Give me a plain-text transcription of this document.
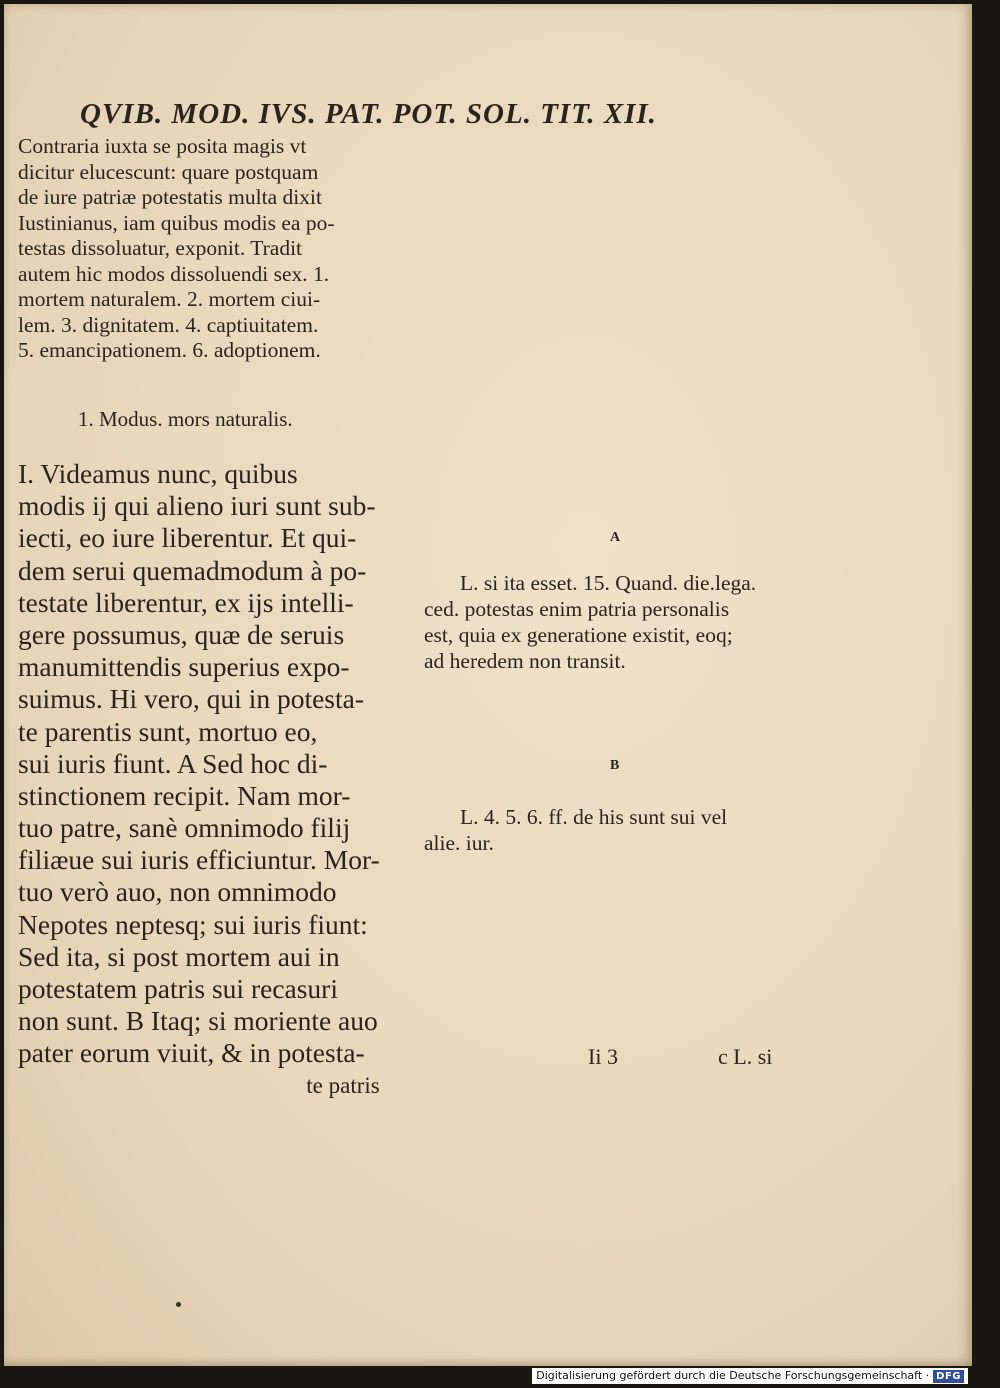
QVIB. MOD. IVS. PAT. POT. SOL. TIT. XII.
Contraria iuxta se posita magis vt
dicitur elucescunt: quare postquam
de iure patriæ potestatis multa dixit
Iustinianus, iam quibus modis ea po-
testas dissoluatur, exponit. Tradit
autem hic modos dissoluendi sex. 1.
mortem naturalem. 2. mortem ciui-
lem. 3. dignitatem. 4. captiuitatem.
5. emancipationem. 6. adoptionem.
1. Modus. mors naturalis.
I. Videamus nunc, quibus
modis ij qui alieno iuri sunt sub-
iecti, eo iure liberentur. Et qui-
dem serui quemadmodum à po-
testate liberentur, ex ijs intelli-
gere possumus, quæ de seruis
manumittendis superius expo-
suimus. Hi vero, qui in potesta-
te parentis sunt, mortuo eo,
sui iuris fiunt. A Sed hoc di-
stinctionem recipit. Nam mor-
tuo patre, sanè omnimodo filij
filiæue sui iuris efficiuntur. Mor-
tuo verò auo, non omnimodo
Nepotes neptesq; sui iuris fiunt:
Sed ita, si post mortem aui in
potestatem patris sui recasuri
non sunt. B Itaq; si moriente auo
pater eorum viuit, & in potesta-
te patris
A
L. si ita esset. 15. Quand. die.lega.
ced. potestas enim patria personalis
est, quia ex generatione existit, eoq;
ad heredem non transit.
B
L. 4. 5. 6. ff. de his sunt sui vel
alie. iur.
Ii 3	c L. si
Digitalisierung gefördert durch die Deutsche Forschungsgemeinschaft · DFG
